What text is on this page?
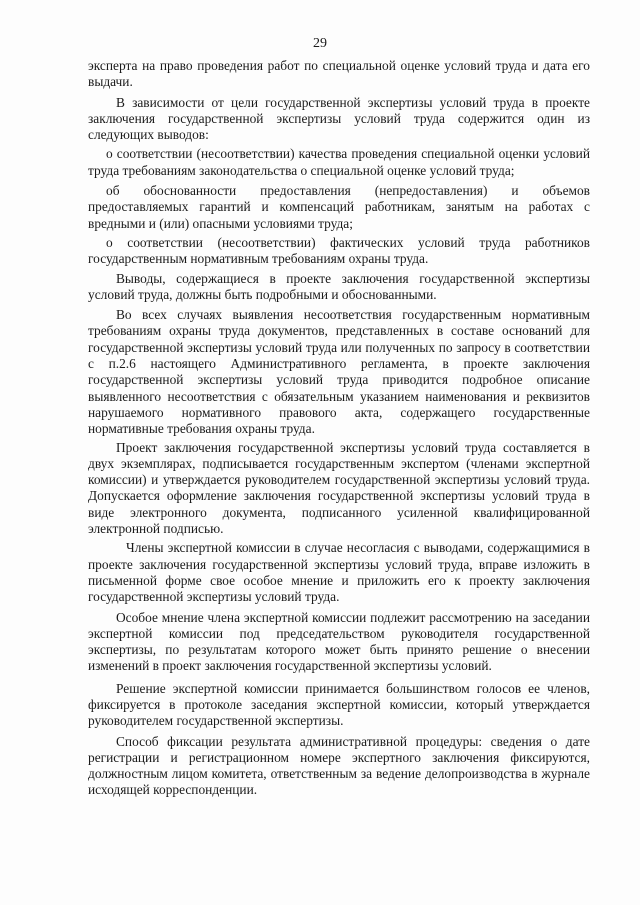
29

эксперта на право проведения работ по специальной оценке условий труда и дата его выдачи.

В зависимости от цели государственной экспертизы условий труда в проекте заключения государственной экспертизы условий труда содержится один из следующих выводов:

о соответствии (несоответствии) качества проведения специальной оценки условий труда требованиям законодательства о специальной оценке условий труда;

об обоснованности предоставления (непредоставления) и объемов предоставляемых гарантий и компенсаций работникам, занятым на работах с вредными и (или) опасными условиями труда;

о соответствии (несоответствии) фактических условий труда работников государственным нормативным требованиям охраны труда.

Выводы, содержащиеся в проекте заключения государственной экспертизы условий труда, должны быть подробными и обоснованными.

Во всех случаях выявления несоответствия государственным нормативным требованиям охраны труда документов, представленных в составе оснований для государственной экспертизы условий труда или полученных по запросу в соответствии с п.2.6 настоящего Административного регламента, в проекте заключения государственной экспертизы условий труда приводится подробное описание выявленного несоответствия с обязательным указанием наименования и реквизитов нарушаемого нормативного правового акта, содержащего государственные нормативные требования охраны труда.

Проект заключения государственной экспертизы условий труда составляется в двух экземплярах, подписывается государственным экспертом (членами экспертной комиссии) и утверждается руководителем государственной экспертизы условий труда. Допускается оформление заключения государственной экспертизы условий труда в виде электронного документа, подписанного усиленной квалифицированной электронной подписью.

Члены экспертной комиссии в случае несогласия с выводами, содержащимися в проекте заключения государственной экспертизы условий труда, вправе изложить в письменной форме свое особое мнение и приложить его к проекту заключения государственной экспертизы условий труда.

Особое мнение члена экспертной комиссии подлежит рассмотрению на заседании экспертной комиссии под председательством руководителя государственной экспертизы, по результатам которого может быть принято решение о внесении изменений в проект заключения государственной экспертизы условий.

Решение экспертной комиссии принимается большинством голосов ее членов, фиксируется в протоколе заседания экспертной комиссии, который утверждается руководителем государственной экспертизы.

Способ фиксации результата административной процедуры: сведения о дате регистрации и регистрационном номере экспертного заключения фиксируются, должностным лицом комитета, ответственным за ведение делопроизводства в журнале исходящей корреспонденции.
